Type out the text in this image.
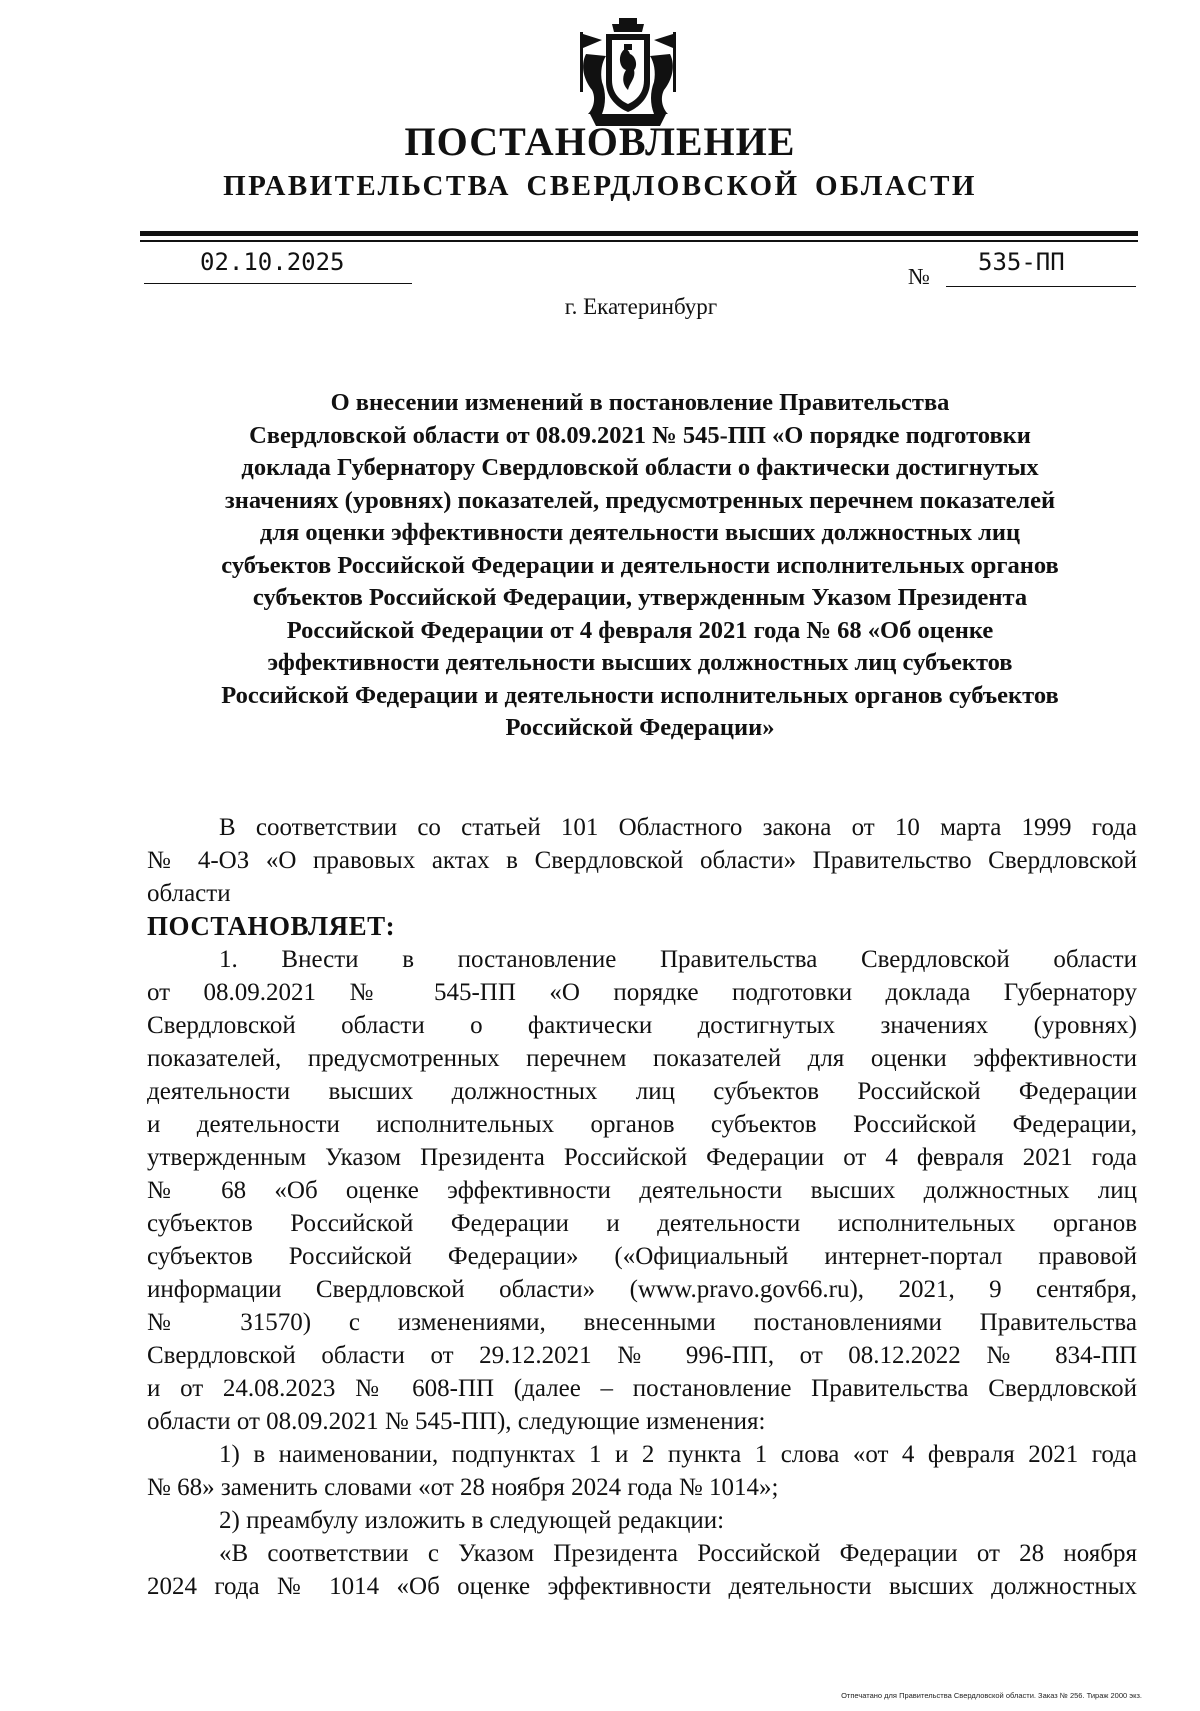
ПОСТАНОВЛЕНИЕ
ПРАВИТЕЛЬСТВА СВЕРДЛОВСКОЙ ОБЛАСТИ
02.10.2025
№
535-ПП
г. Екатеринбург
О внесении изменений в постановление Правительства
Свердловской области от 08.09.2021 № 545-ПП «О порядке подготовки
доклада Губернатору Свердловской области о фактически достигнутых
значениях (уровнях) показателей, предусмотренных перечнем показателей
для оценки эффективности деятельности высших должностных лиц
субъектов Российской Федерации и деятельности исполнительных органов
субъектов Российской Федерации, утвержденным Указом Президента
Российской Федерации от 4 февраля 2021 года № 68 «Об оценке
эффективности деятельности высших должностных лиц субъектов
Российской Федерации и деятельности исполнительных органов субъектов
Российской Федерации»
В соответствии со статьей 101 Областного закона от 10 марта 1999 года
№ 4-ОЗ «О правовых актах в Свердловской области» Правительство Свердловской
области
ПОСТАНОВЛЯЕТ:
1. Внести в постановление Правительства Свердловской области
от 08.09.2021 № 545-ПП «О порядке подготовки доклада Губернатору
Свердловской области о фактически достигнутых значениях (уровнях)
показателей, предусмотренных перечнем показателей для оценки эффективности
деятельности высших должностных лиц субъектов Российской Федерации
и деятельности исполнительных органов субъектов Российской Федерации,
утвержденным Указом Президента Российской Федерации от 4 февраля 2021 года
№ 68 «Об оценке эффективности деятельности высших должностных лиц
субъектов Российской Федерации и деятельности исполнительных органов
субъектов Российской Федерации» («Официальный интернет-портал правовой
информации Свердловской области» (www.pravo.gov66.ru), 2021, 9 сентября,
№ 31570) с изменениями, внесенными постановлениями Правительства
Свердловской области от 29.12.2021 № 996-ПП, от 08.12.2022 № 834-ПП
и от 24.08.2023 № 608-ПП (далее – постановление Правительства Свердловской
области от 08.09.2021 № 545-ПП), следующие изменения:
1) в наименовании, подпунктах 1 и 2 пункта 1 слова «от 4 февраля 2021 года
№ 68» заменить словами «от 28 ноября 2024 года № 1014»;
2) преамбулу изложить в следующей редакции:
«В соответствии с Указом Президента Российской Федерации от 28 ноября
2024 года № 1014 «Об оценке эффективности деятельности высших должностных
Отпечатано для Правительства Свердловской области. Заказ № 256. Тираж 2000 экз.
